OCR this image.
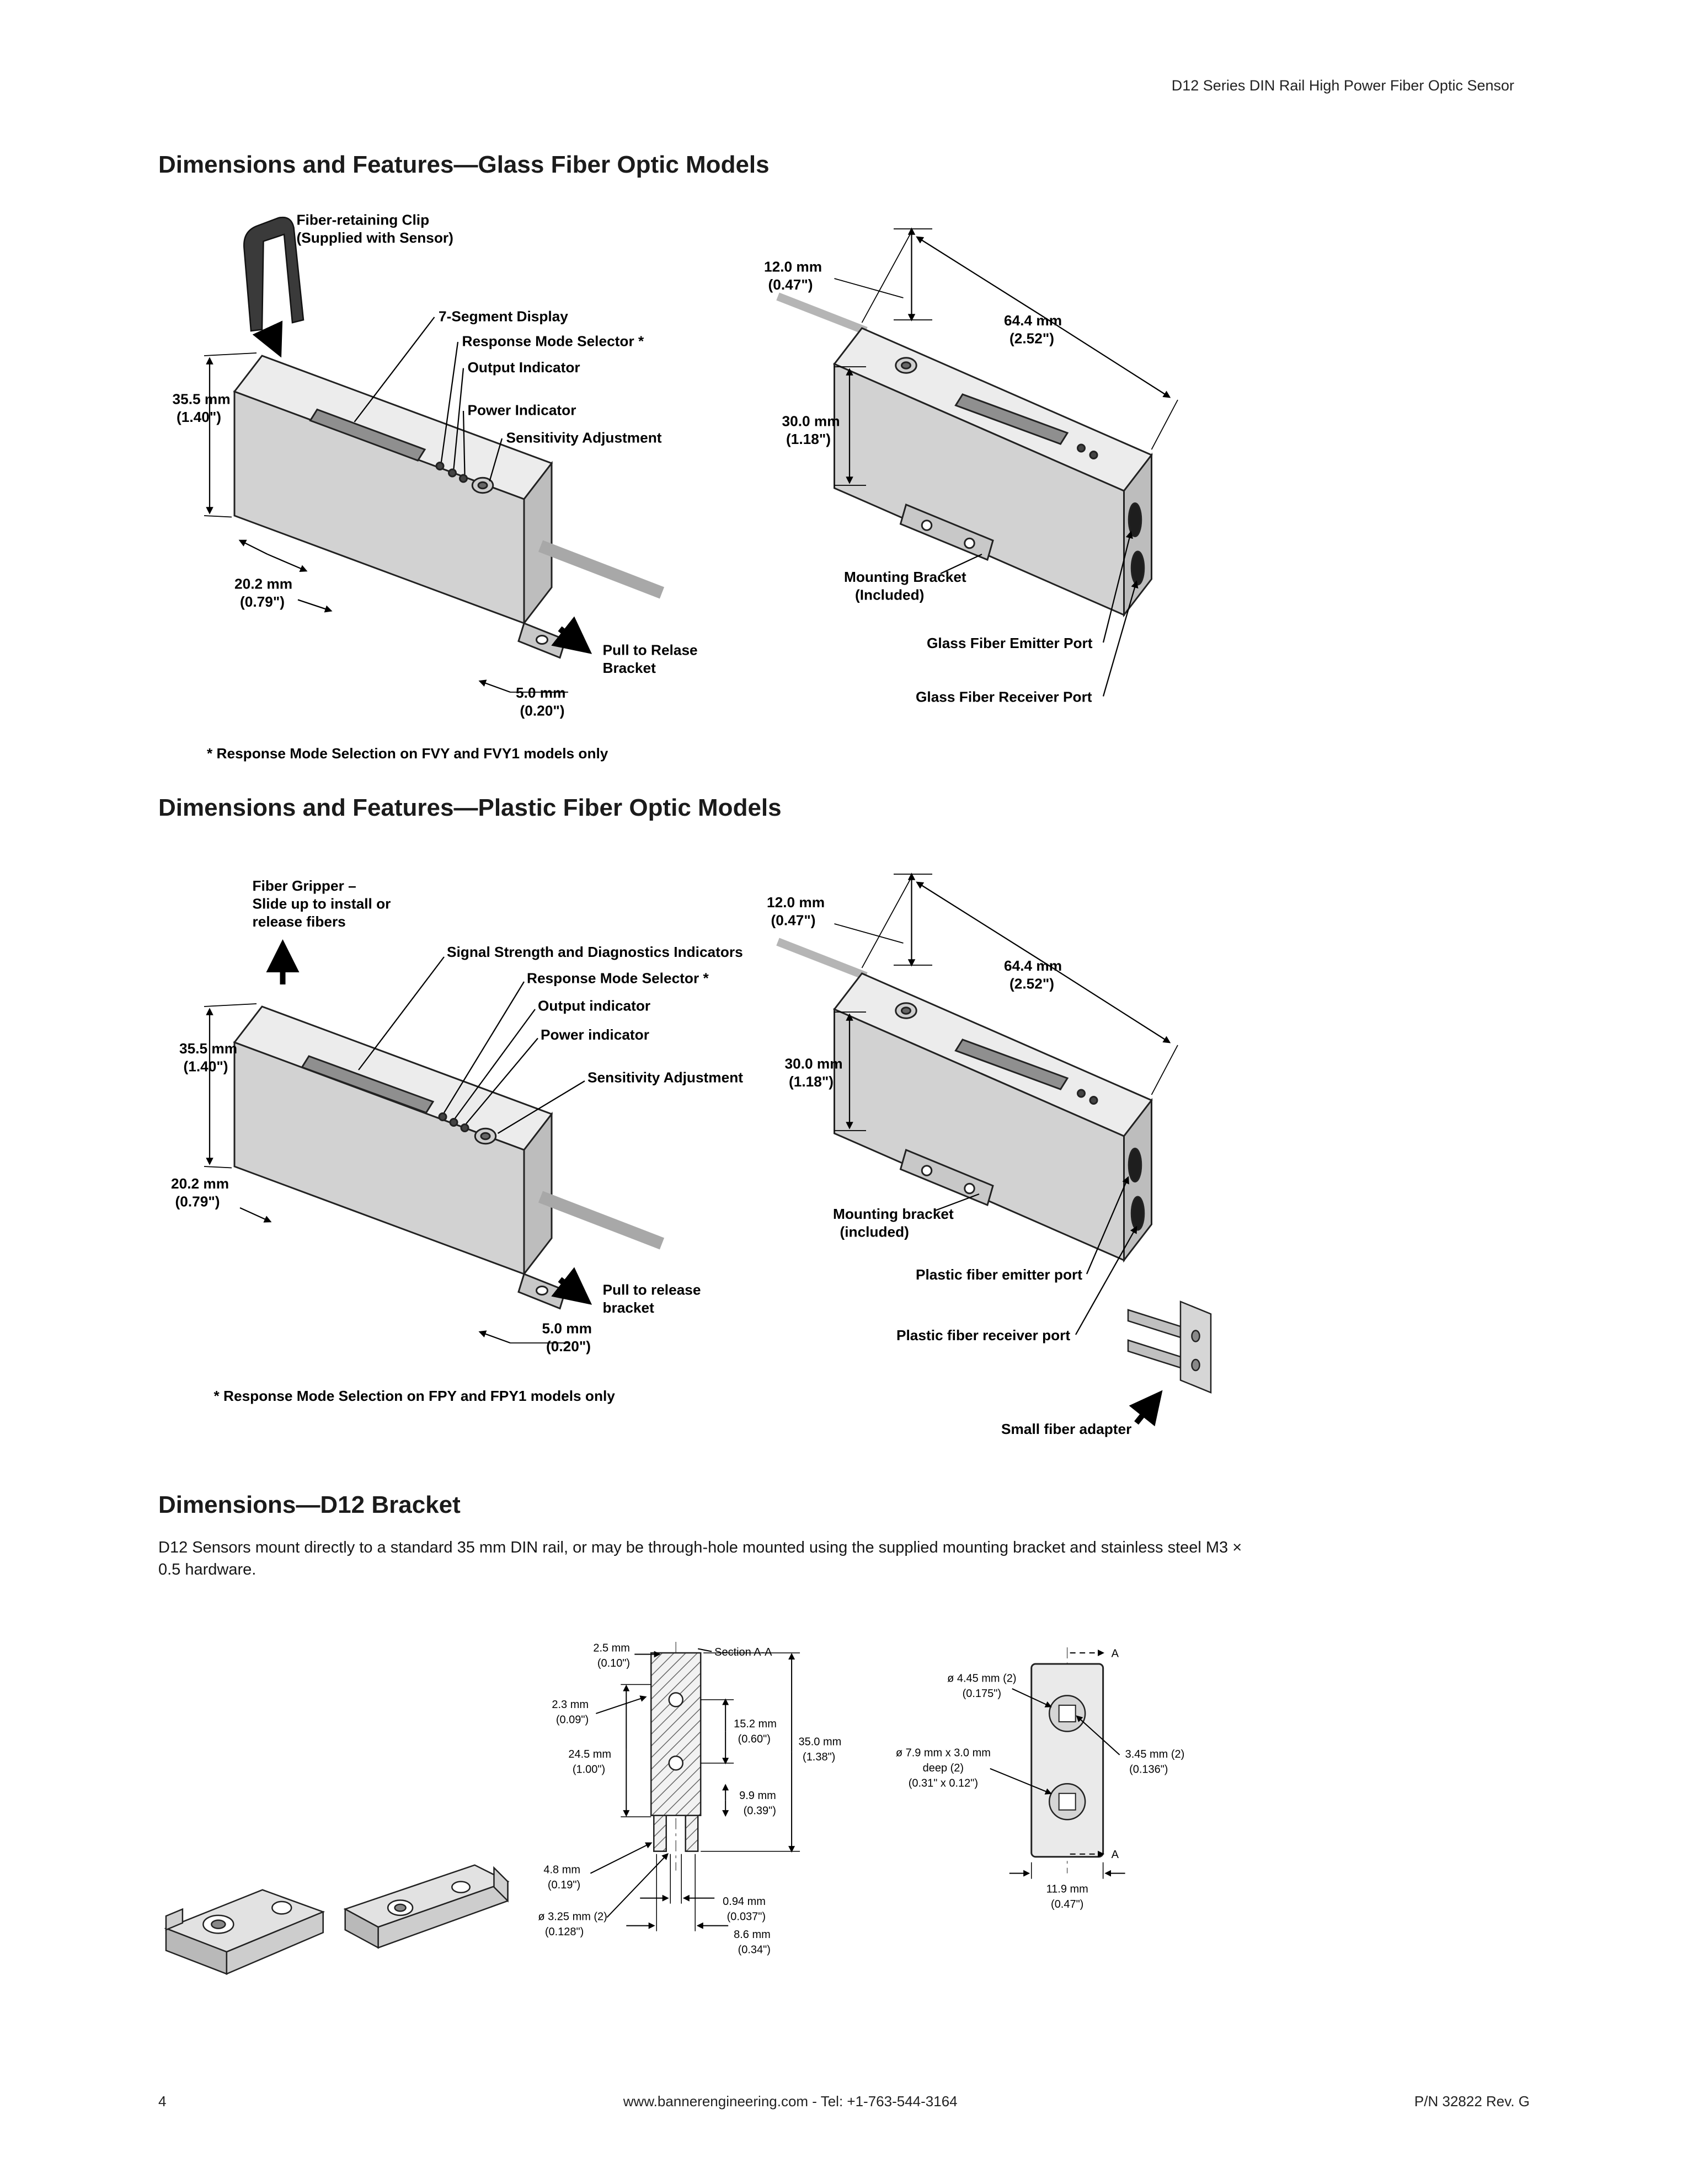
D12 Series DIN Rail High Power Fiber Optic Sensor
Dimensions and Features—Glass Fiber Optic Models
Fiber-retaining Clip
(Supplied with Sensor)
7-Segment Display
Response Mode Selector *
Output Indicator
Power Indicator
Sensitivity Adjustment
35.5 mm
(1.40")
20.2 mm
(0.79")
Pull to Relase
Bracket
5.0 mm
(0.20")
* Response Mode Selection on FVY and FVY1 models only
12.0 mm
(0.47")
64.4 mm
(2.52")
30.0 mm
(1.18")
Mounting Bracket
(Included)
Glass Fiber Emitter Port
Glass Fiber Receiver Port
Dimensions and Features—Plastic Fiber Optic Models
Fiber Gripper –
Slide up to install or
release fibers
Signal Strength and Diagnostics Indicators
Response Mode Selector *
Output indicator
Power indicator
Sensitivity Adjustment
35.5 mm
(1.40")
20.2 mm
(0.79")
Pull to release
bracket
5.0 mm
(0.20")
* Response Mode Selection on FPY and FPY1 models only
12.0 mm
(0.47")
64.4 mm
(2.52")
30.0 mm
(1.18")
Mounting bracket
(included)
Plastic fiber emitter port
Plastic fiber receiver port
Small fiber adapter
Dimensions—D12 Bracket
D12 Sensors mount directly to a standard 35 mm DIN rail, or may be through-hole mounted using the supplied mounting bracket and stainless steel M3 ×
0.5 hardware.
2.5 mm
(0.10")
Section A-A
2.3 mm
(0.09")
24.5 mm
(1.00")
15.2 mm
(0.60")	35.0 mm
(1.38")
9.9 mm
(0.39")
4.8 mm
(0.19")
ø 3.25 mm (2)
(0.128")
0.94 mm
(0.037")
8.6 mm
(0.34")
ø 4.45 mm (2)
(0.175")
ø 7.9 mm x 3.0 mm
deep (2)
(0.31" x 0.12")
3.45 mm (2)
(0.136")
11.9 mm
(0.47")
A
A
4	www.bannerengineering.com - Tel: +1-763-544-3164	P/N 32822 Rev. G
